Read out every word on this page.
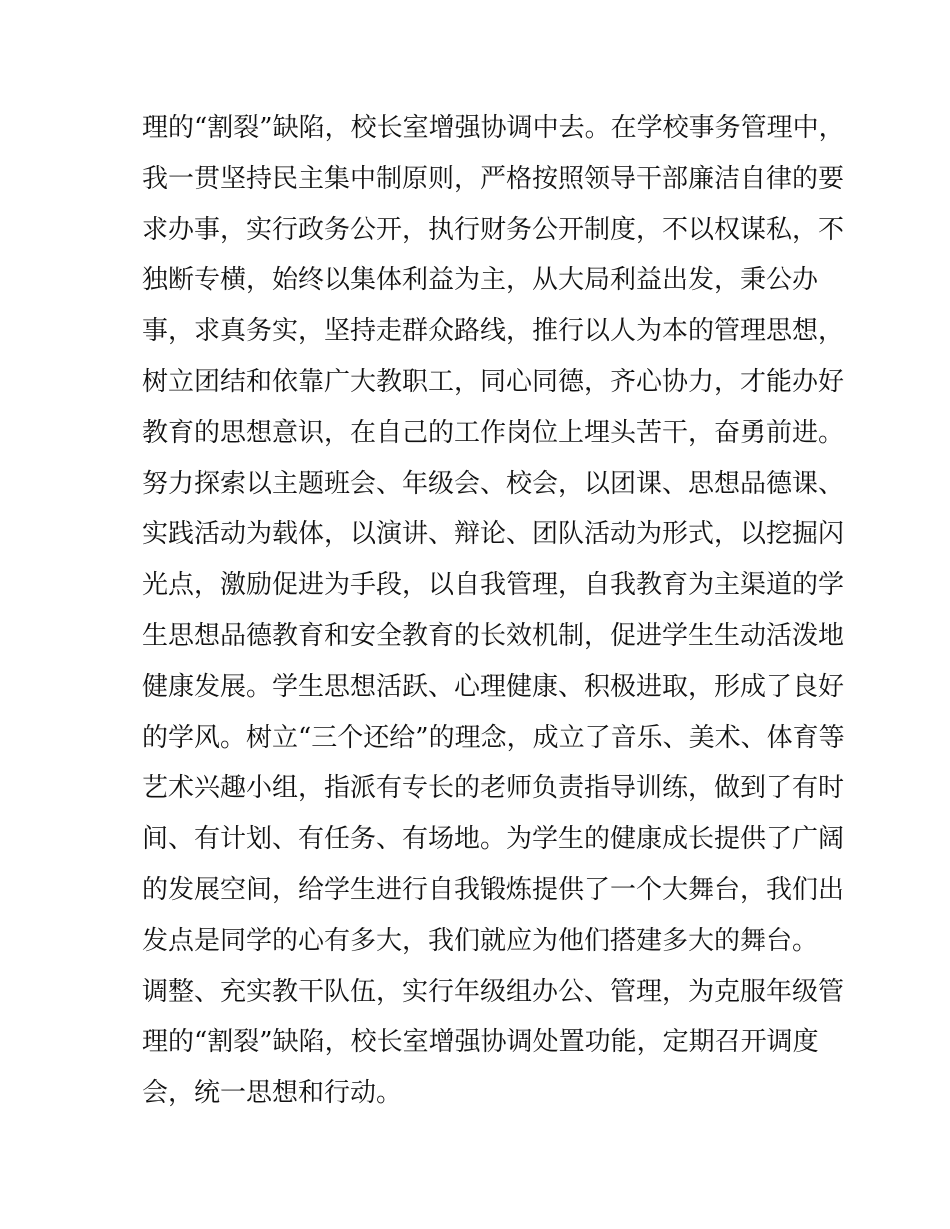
理的“割裂”缺陷，校长室增强协调中去。在学校事务管理中，
我一贯坚持民主集中制原则，严格按照领导干部廉洁自律的要
求办事，实行政务公开，执行财务公开制度，不以权谋私，不
独断专横，始终以集体利益为主，从大局利益出发，秉公办
事，求真务实，坚持走群众路线，推行以人为本的管理思想，
树立团结和依靠广大教职工，同心同德，齐心协力，才能办好
教育的思想意识，在自己的工作岗位上埋头苦干，奋勇前进。
努力探索以主题班会、年级会、校会，以团课、思想品德课、
实践活动为载体，以演讲、辩论、团队活动为形式，以挖掘闪
光点，激励促进为手段，以自我管理，自我教育为主渠道的学
生思想品德教育和安全教育的长效机制，促进学生生动活泼地
健康发展。学生思想活跃、心理健康、积极进取，形成了良好
的学风。树立“三个还给”的理念，成立了音乐、美术、体育等
艺术兴趣小组，指派有专长的老师负责指导训练，做到了有时
间、有计划、有任务、有场地。为学生的健康成长提供了广阔
的发展空间，给学生进行自我锻炼提供了一个大舞台，我们出
发点是同学的心有多大，我们就应为他们搭建多大的舞台。
调整、充实教干队伍，实行年级组办公、管理，为克服年级管
理的“割裂”缺陷，校长室增强协调处置功能，定期召开调度
会，统一思想和行动。
